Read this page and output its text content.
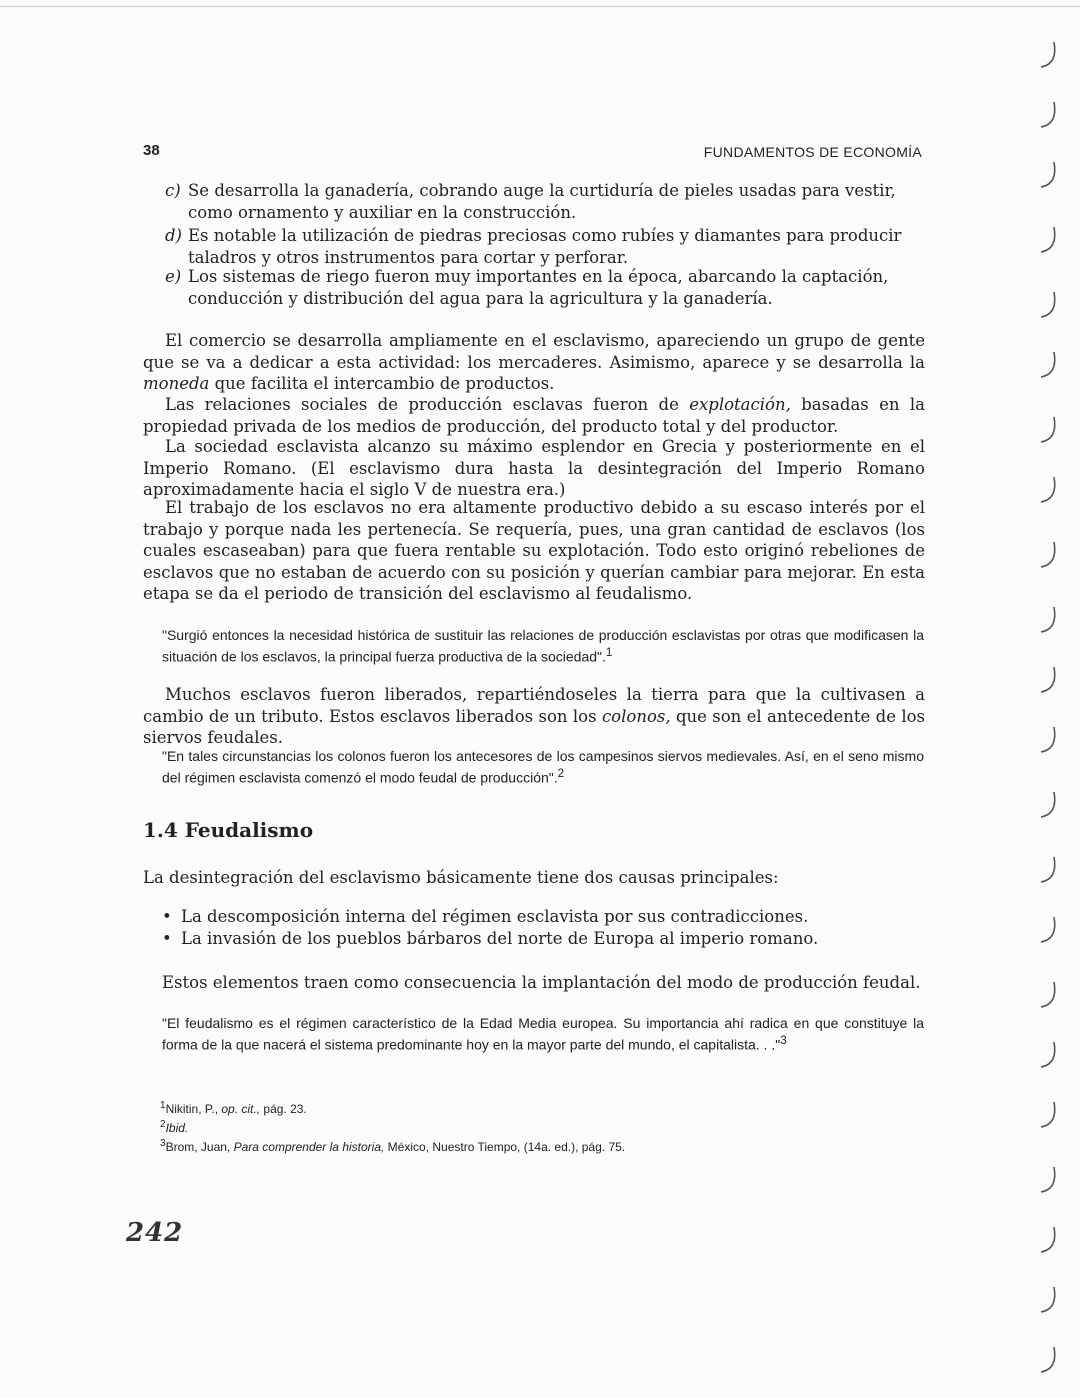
38	FUNDAMENTOS DE ECONOMÍA
c) Se desarrolla la ganadería, cobrando auge la curtiduría de pieles usadas para vestir, como ornamento y auxiliar en la construcción.
d) Es notable la utilización de piedras preciosas como rubíes y diamantes para producir taladros y otros instrumentos para cortar y perforar.
e) Los sistemas de riego fueron muy importantes en la época, abarcando la captación, conducción y distribución del agua para la agricultura y la ganadería.
El comercio se desarrolla ampliamente en el esclavismo, apareciendo un grupo de gente que se va a dedicar a esta actividad: los mercaderes. Asimismo, aparece y se desarrolla la moneda que facilita el intercambio de productos.
Las relaciones sociales de producción esclavas fueron de explotación, basadas en la propiedad privada de los medios de producción, del producto total y del productor.
La sociedad esclavista alcanzo su máximo esplendor en Grecia y posteriormente en el Imperio Romano. (El esclavismo dura hasta la desintegración del Imperio Romano aproximadamente hacia el siglo V de nuestra era.)
El trabajo de los esclavos no era altamente productivo debido a su escaso interés por el trabajo y porque nada les pertenecía. Se requería, pues, una gran cantidad de esclavos (los cuales escaseaban) para que fuera rentable su explotación. Todo esto originó rebeliones de esclavos que no estaban de acuerdo con su posición y querían cambiar para mejorar. En esta etapa se da el periodo de transición del esclavismo al feudalismo.
"Surgió entonces la necesidad histórica de sustituir las relaciones de producción esclavistas por otras que modificasen la situación de los esclavos, la principal fuerza productiva de la sociedad".$^1$
Muchos esclavos fueron liberados, repartiéndoseles la tierra para que la cultivasen a cambio de un tributo. Estos esclavos liberados son los colonos, que son el antecedente de los siervos feudales.
"En tales circunstancias los colonos fueron los antecesores de los campesinos siervos medievales. Así, en el seno mismo del régimen esclavista comenzó el modo feudal de producción".$^2$
1.4 Feudalismo
La desintegración del esclavismo básicamente tiene dos causas principales:
• La descomposición interna del régimen esclavista por sus contradicciones.
• La invasión de los pueblos bárbaros del norte de Europa al imperio romano.
Estos elementos traen como consecuencia la implantación del modo de producción feudal.
"El feudalismo es el régimen característico de la Edad Media europea. Su importancia ahí radica en que constituye la forma de la que nacerá el sistema predominante hoy en la mayor parte del mundo, el capitalista. . ."$^3$
$^1$Nikitin, P., op. cit., pág. 23.
$^2$Ibid.
$^3$Brom, Juan, Para comprender la historia, México, Nuestro Tiempo, (14a. ed.), pág. 75.
242
